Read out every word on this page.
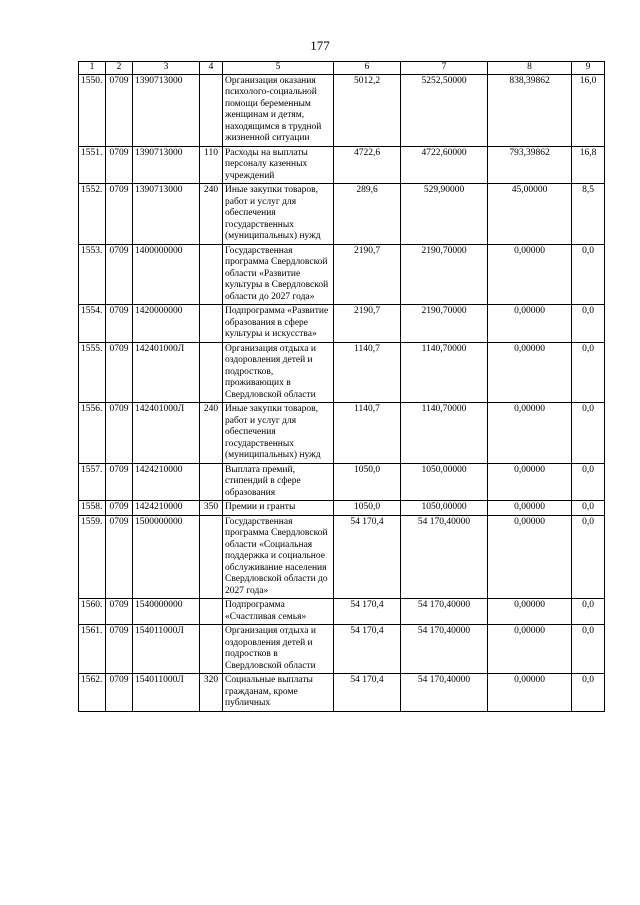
177
1	2	3	4	5	6	7	8	9
1550.	0709	1390713000		Организация оказания психолого-социальной помощи беременным женщинам и детям, находящимся в трудной жизненной ситуации	5012,2	5252,50000	838,39862	16,0
1551.	0709	1390713000	110	Расходы на выплаты персоналу казенных учреждений	4722,6	4722,60000	793,39862	16,8
1552.	0709	1390713000	240	Иные закупки товаров, работ и услуг для обеспечения государственных (муниципальных) нужд	289,6	529,90000	45,00000	8,5
1553.	0709	1400000000		Государственная программа Свердловской области «Развитие культуры в Свердловской области до 2027 года»	2190,7	2190,70000	0,00000	0,0
1554.	0709	1420000000		Подпрограмма «Развитие образования в сфере культуры и искусства»	2190,7	2190,70000	0,00000	0,0
1555.	0709	142401000Л		Организация отдыха и оздоровления детей и подростков, проживающих в Свердловской области	1140,7	1140,70000	0,00000	0,0
1556.	0709	142401000Л	240	Иные закупки товаров, работ и услуг для обеспечения государственных (муниципальных) нужд	1140,7	1140,70000	0,00000	0,0
1557.	0709	1424210000		Выплата премий, стипендий в сфере образования	1050,0	1050,00000	0,00000	0,0
1558.	0709	1424210000	350	Премии и гранты	1050,0	1050,00000	0,00000	0,0
1559.	0709	1500000000		Государственная программа Свердловской области «Социальная поддержка и социальное обслуживание населения Свердловской области до 2027 года»	54 170,4	54 170,40000	0,00000	0,0
1560.	0709	1540000000		Подпрограмма «Счастливая семья»	54 170,4	54 170,40000	0,00000	0,0
1561.	0709	154011000Л		Организация отдыха и оздоровления детей и подростков в Свердловской области	54 170,4	54 170,40000	0,00000	0,0
1562.	0709	154011000Л	320	Социальные выплаты гражданам, кроме публичных	54 170,4	54 170,40000	0,00000	0,0
